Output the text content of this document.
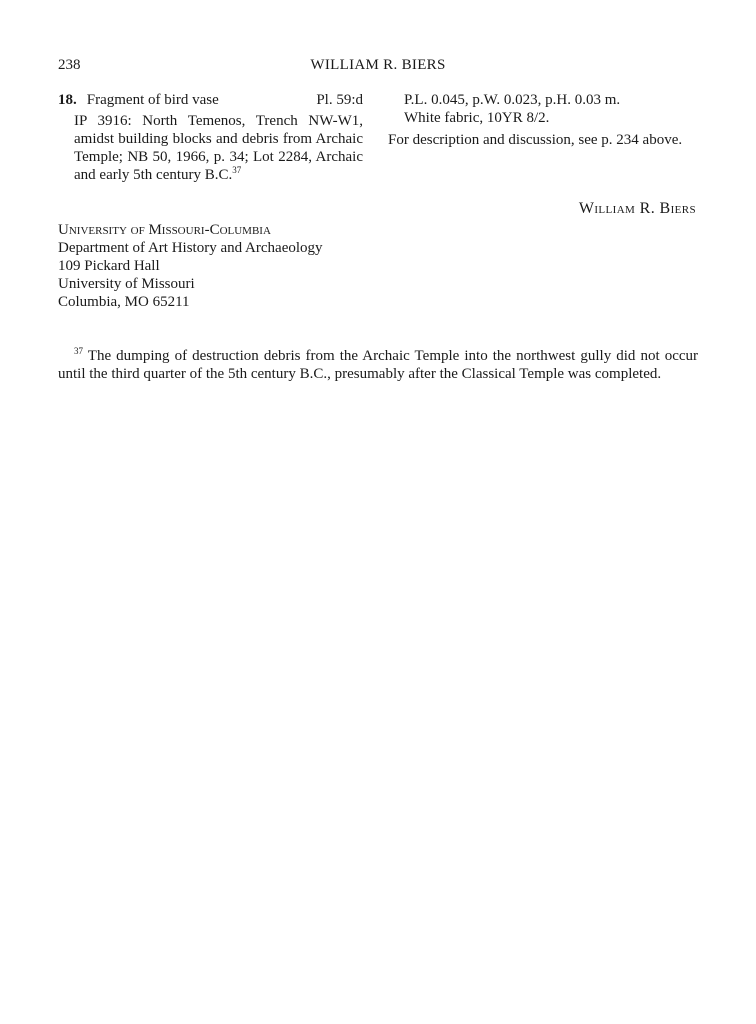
238	WILLIAM R. BIERS
18. Fragment of bird vase	Pl. 59:d
IP 3916: North Temenos, Trench NW-W1, amidst building blocks and debris from Archaic Temple; NB 50, 1966, p. 34; Lot 2284, Archaic and early 5th century B.C.$^{37}$
P.L. 0.045, p.W. 0.023, p.H. 0.03 m.
White fabric, 10YR 8/2.
For description and discussion, see p. 234 above.
William R. Biers
University of Missouri-Columbia
Department of Art History and Archaeology
109 Pickard Hall
University of Missouri
Columbia, MO 65211
$^{37}$ The dumping of destruction debris from the Archaic Temple into the northwest gully did not occur until the third quarter of the 5th century B.C., presumably after the Classical Temple was completed.
